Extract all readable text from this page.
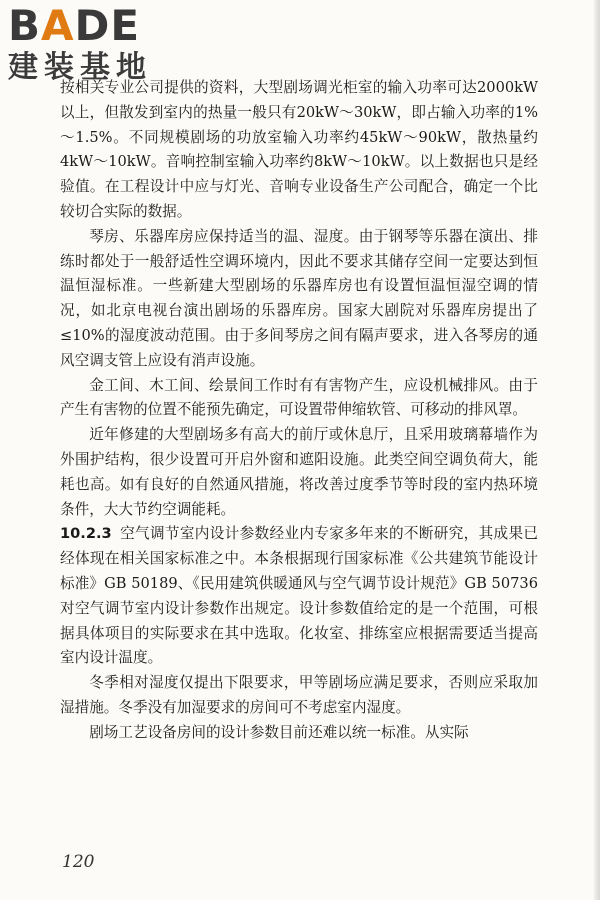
BADE
建装基地

按相关专业公司提供的资料，大型剧场调光柜室的输入功率可达2000kW以上，但散发到室内的热量一般只有20kW～30kW，即占输入功率的1%～1.5%。不同规模剧场的功放室输入功率约45kW～90kW，散热量约4kW～10kW。音响控制室输入功率约8kW～10kW。以上数据也只是经验值。在工程设计中应与灯光、音响专业设备生产公司配合，确定一个比较切合实际的数据。

琴房、乐器库房应保持适当的温、湿度。由于钢琴等乐器在演出、排练时都处于一般舒适性空调环境内，因此不要求其储存空间一定要达到恒温恒湿标准。一些新建大型剧场的乐器库房也有设置恒温恒湿空调的情况，如北京电视台演出剧场的乐器库房。国家大剧院对乐器库房提出了≤10%的湿度波动范围。由于多间琴房之间有隔声要求，进入各琴房的通风空调支管上应设有消声设施。

金工间、木工间、绘景间工作时有有害物产生，应设机械排风。由于产生有害物的位置不能预先确定，可设置带伸缩软管、可移动的排风罩。

近年修建的大型剧场多有高大的前厅或休息厅，且采用玻璃幕墙作为外围护结构，很少设置可开启外窗和遮阳设施。此类空间空调负荷大，能耗也高。如有良好的自然通风措施，将改善过度季节等时段的室内热环境条件，大大节约空调能耗。

10.2.3 空气调节室内设计参数经业内专家多年来的不断研究，其成果已经体现在相关国家标准之中。本条根据现行国家标准《公共建筑节能设计标准》GB 50189、《民用建筑供暖通风与空气调节设计规范》GB 50736 对空气调节室内设计参数作出规定。设计参数值给定的是一个范围，可根据具体项目的实际要求在其中选取。化妆室、排练室应根据需要适当提高室内设计温度。

冬季相对湿度仅提出下限要求，甲等剧场应满足要求，否则应采取加湿措施。冬季没有加湿要求的房间可不考虑室内湿度。

剧场工艺设备房间的设计参数目前还难以统一标准。从实际

120
